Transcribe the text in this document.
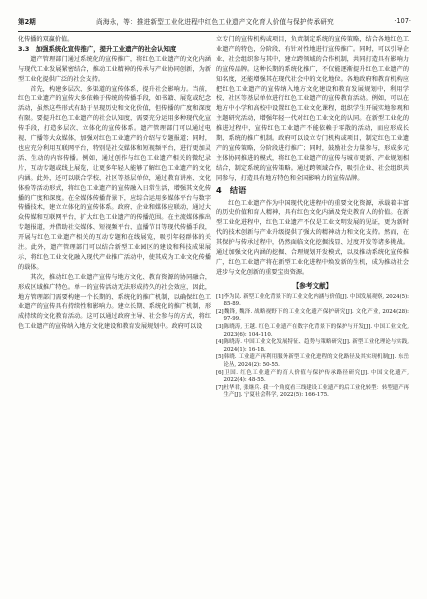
第2期	尚海永，等：推进新型工业化进程中红色工业遗产文化育人价值与保护传承研究	·107·

化传播的双赢价值。

3.3　加强系统化宣传推广，提升工业遗产的社会认知度

遗产管理部门通过系统化的宣传推广，将红色工业遗产的文化内涵与现代工业发展紧密结合，推动工业精神的传承与产业协同创新，为新型工业化提供广泛的社会支持。

首先，构建多层次、多渠道的宣传体系，提升社会影响力。当前，红色工业遗产的宣传大多依赖于传统的传播手段，如书籍、展览或纪念活动，虽然这些形式有助于呈现历史和文化价值，但传播的广度和深度有限。要提升红色工业遗产的社会认知度，需要充分运用多种现代化宣传手段，打造多层次、立体化的宣传体系。遗产管理部门可以通过电视、广播等大众媒体，加强对红色工业遗产的介绍与专题报道；同时，也应充分利用互联网平台，特别是社交媒体和短视频平台，进行更加灵活、生动的内容传播。例如，通过创作与红色工业遗产相关的微纪录片，互动专题或线上展览，让更多年轻人能够了解红色工业遗产的文化内涵。此外，还可以联合学校、社区等基层单位，通过教育讲座、文化体验等活动形式，将红色工业遗产的宣传融入日常生活，增强其文化传播的广度和深度。在全媒体传播背景下，应综合运用多媒体平台与数字传播技术，建立立体化的宣传体系。政府、企业和媒体应联动，通过大众传媒和互联网平台，扩大红色工业遗产的传播范围。在主流媒体推出专题报道，并借助社交媒体、短视频平台、直播节目等现代传播手段，开展与红色工业遗产相关的互动专题和在线展览，吸引年轻群体的关注。此外，遗产管理部门可以结合新型工业园区的建设和科技成果展示，将红色工业文化融入现代产业推广活动中，使其成为工业文化传播的载体。

其次，推动红色工业遗产宣传与地方文化、教育资源的协同融合，形成区域推广特色。单一的宣传活动无法形成持久的社会效应，因此，地方管理部门需要构建一个长期的、系统化的推广机制，以确保红色工业遗产的宣传具有持续性和影响力。建立长期、系统化的推广机制，形成持续的文化教育活动。这可以通过政府主导、社会参与的方式，将红色工业遗产的宣传纳入地方文化建设和教育发展规划中。政府可以设

立专门的宣传机构或项目，负责制定系统的宣传策略，结合各地红色工业遗产的特色，分阶段、有针对性地进行宣传推广。同时，可以引导企业、社会组织参与其中，建立跨领域的合作机制，共同打造具有影响力的宣传品牌。这种长期的系统化推广，不仅能逐渐提升红色工业遗产的知名度，还能增强其在现代社会中的文化地位。各地政府和教育机构应把红色工业遗产的宣传纳入地方文化建设和教育发展规划中，利用学校、社区等基层单位进行红色工业遗产的宣传教育活动。例如，可以在地方中小学和高校中设置红色工业文化课程，组织学生开展实地参观和主题研究活动，增强年轻一代对红色工业文化的认同。在新型工业化的推进过程中，宣传红色工业遗产不能依赖于零散的活动，而应形成长期、系统的推广机制。政府可以设立专门机构或项目，制定红色工业遗产的宣传策略，分阶段进行推广；同时，鼓励社会力量参与，形成多元主体协同推进的模式，将红色工业遗产的宣传与城市更新、产业规划相结合，制定系统的宣传策略。通过跨领域合作，吸引企业、社会组织共同参与，打造具有地方特色和全国影响力的宣传品牌。

4　结语

红色工业遗产作为中国现代化进程中的重要文化资源，承载着丰富的历史价值和育人精神，具有红色文化内涵及党史教育人的价值。在新型工业化进程中，红色工业遗产不仅是工业文明发展的见证，更为新时代的技术创新与产业升级提供了强大的精神动力和文化支持。然而，在其保护与传承过程中，仍然面临文化挖掘浅显、过度开发等诸多挑战。通过加强文化内涵的挖掘、合理规划开发模式，以及推动系统化宣传推广，红色工业遗产将在新型工业化进程中焕发新的生机，成为推动社会进步与文化创新的重要宝贵资源。

【参考文献】

[1]李为民. 新型工业化背景下的工业文化内涵与价值[J]. 中国发展观察, 2024(5): 85-89.

[2]魏锋, 魏泽. 战略视野下的工业文化遗产保护研究[J]. 文化产业, 2024(28): 97-99.

[3]陈晓涛, 王越. 红色工业遗产在数字化背景下的保护与开发[J]. 中国工业文化, 2023(6): 104-110.

[4]陈晓涛. 中国工业文化发展特征、趋势与策略研究[J]. 新型工业化理论与实践, 2024(1): 16-18.

[5]韩晓. 工业遗产再利用服务新型工业化进程的文化路径及其实现机制[J]. 东岳论丛, 2024(2): 50-55.

[6]卫国. 红色工业遗产的育人价值与保护传承路径研究[J]. 中国文化遗产, 2022(4): 48-55.

[7]杜华君, 张继兵. 我一个角度看三线建设工业遗产的后工业化转型：转型遗产再生产[J]. 宁夏社会科学, 2022(5): 166-175.
